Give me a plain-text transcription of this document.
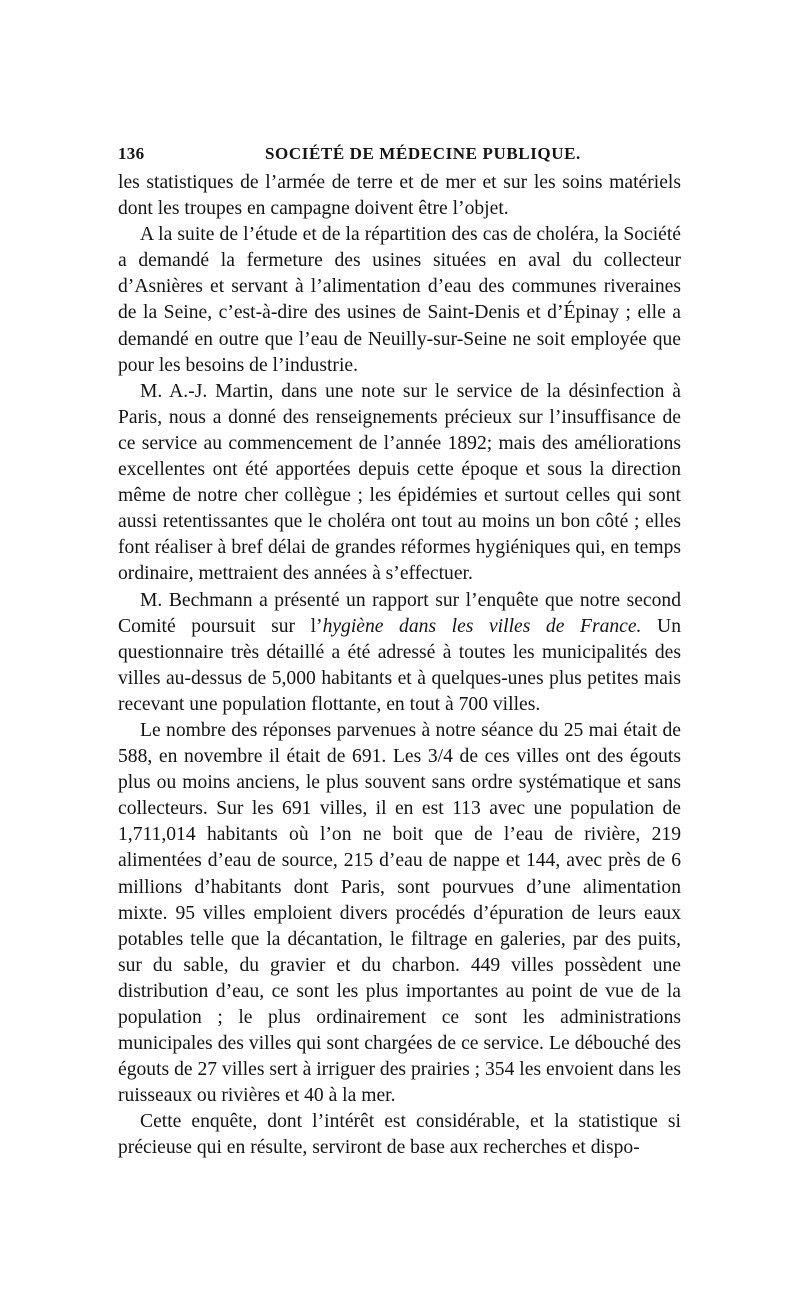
136	SOCIÉTÉ DE MÉDECINE PUBLIQUE.

les statistiques de l’armée de terre et de mer et sur les soins matériels dont les troupes en campagne doivent être l’objet.

A la suite de l’étude et de la répartition des cas de choléra, la Société a demandé la fermeture des usines situées en aval du collecteur d’Asnières et servant à l’alimentation d’eau des communes riveraines de la Seine, c’est-à-dire des usines de Saint-Denis et d’Épinay ; elle a demandé en outre que l’eau de Neuilly-sur-Seine ne soit employée que pour les besoins de l’industrie.

M. A.-J. Martin, dans une note sur le service de la désinfection à Paris, nous a donné des renseignements précieux sur l’insuffisance de ce service au commencement de l’année 1892; mais des améliorations excellentes ont été apportées depuis cette époque et sous la direction même de notre cher collègue ; les épidémies et surtout celles qui sont aussi retentissantes que le choléra ont tout au moins un bon côté ; elles font réaliser à bref délai de grandes réformes hygiéniques qui, en temps ordinaire, mettraient des années à s’effectuer.

M. Bechmann a présenté un rapport sur l’enquête que notre second Comité poursuit sur l’hygiène dans les villes de France. Un questionnaire très détaillé a été adressé à toutes les municipalités des villes au-dessus de 5,000 habitants et à quelques-unes plus petites mais recevant une population flottante, en tout à 700 villes.

Le nombre des réponses parvenues à notre séance du 25 mai était de 588, en novembre il était de 691. Les 3/4 de ces villes ont des égouts plus ou moins anciens, le plus souvent sans ordre systématique et sans collecteurs. Sur les 691 villes, il en est 113 avec une population de 1,711,014 habitants où l’on ne boit que de l’eau de rivière, 219 alimentées d’eau de source, 215 d’eau de nappe et 144, avec près de 6 millions d’habitants dont Paris, sont pourvues d’une alimentation mixte. 95 villes emploient divers procédés d’épuration de leurs eaux potables telle que la décantation, le filtrage en galeries, par des puits, sur du sable, du gravier et du charbon. 449 villes possèdent une distribution d’eau, ce sont les plus importantes au point de vue de la population ; le plus ordinairement ce sont les administrations municipales des villes qui sont chargées de ce service. Le débouché des égouts de 27 villes sert à irriguer des prairies ; 354 les envoient dans les ruisseaux ou rivières et 40 à la mer.

Cette enquête, dont l’intérêt est considérable, et la statistique si précieuse qui en résulte, serviront de base aux recherches et dispo-
